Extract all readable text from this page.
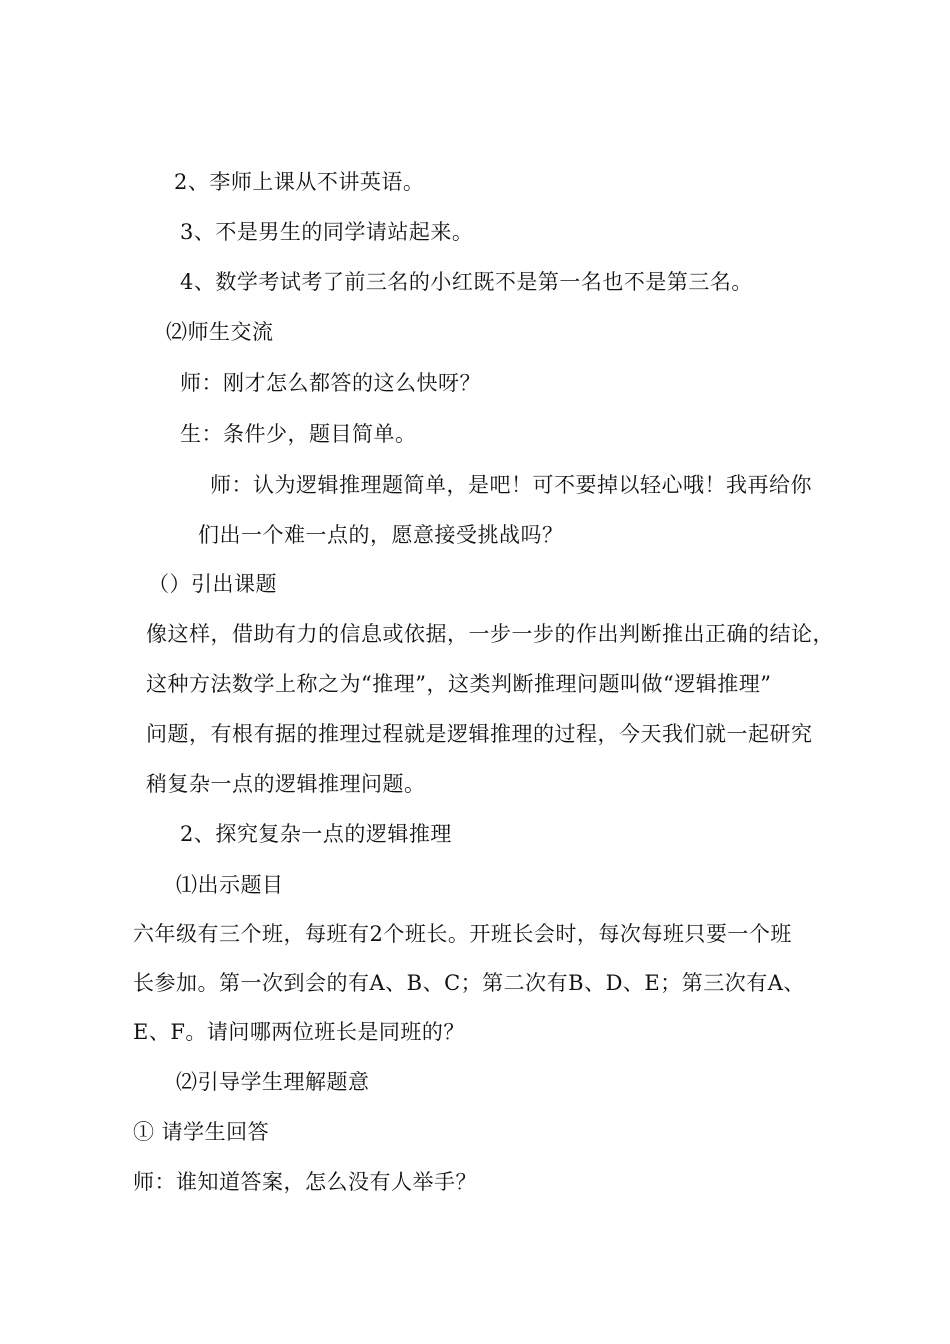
2、李师上课从不讲英语。
3、不是男生的同学请站起来。
4、数学考试考了前三名的小红既不是第一名也不是第三名。
⑵师生交流
师：刚才怎么都答的这么快呀？
生：条件少，题目简单。
师：认为逻辑推理题简单，是吧！可不要掉以轻心哦！我再给你
们出一个难一点的，愿意接受挑战吗？
（）引出课题
像这样，借助有力的信息或依据，一步一步的作出判断推出正确的结论，
这种方法数学上称之为“推理”，这类判断推理问题叫做“逻辑推理”
问题，有根有据的推理过程就是逻辑推理的过程，今天我们就一起研究
稍复杂一点的逻辑推理问题。
2、探究复杂一点的逻辑推理
⑴出示题目
六年级有三个班，每班有2个班长。开班长会时，每次每班只要一个班
长参加。第一次到会的有A、B、C；第二次有B、D、E；第三次有A、
E、F。请问哪两位班长是同班的？
⑵引导学生理解题意
① 请学生回答
师：谁知道答案，怎么没有人举手？
